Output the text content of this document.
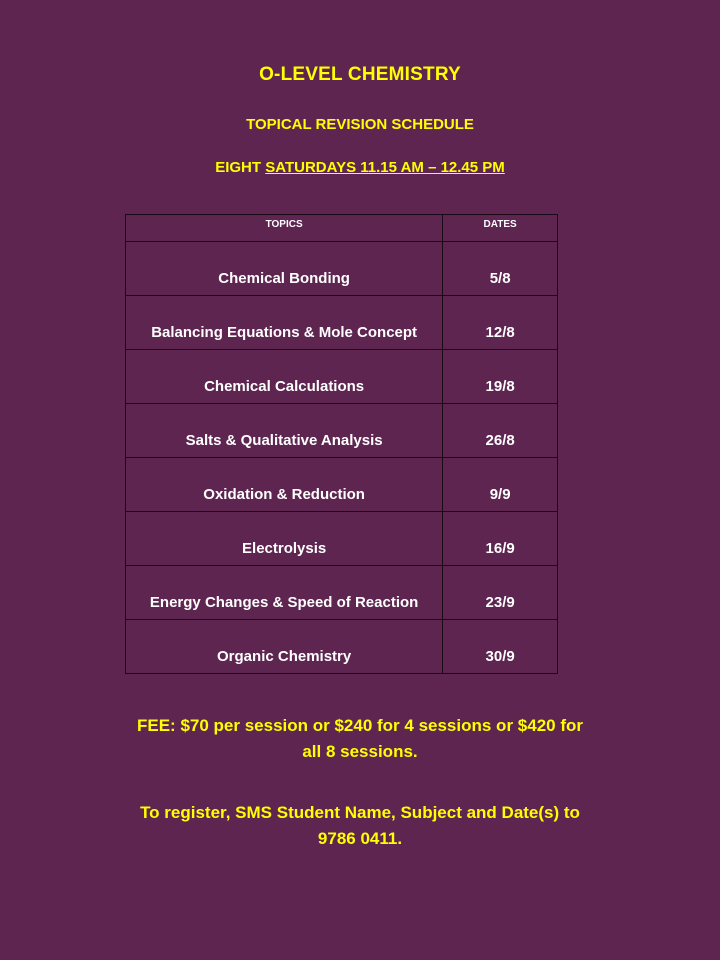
O-LEVEL CHEMISTRY
TOPICAL REVISION SCHEDULE
EIGHT SATURDAYS 11.15 AM – 12.45 PM
TOPICS	DATES
Chemical Bonding	5/8
Balancing Equations & Mole Concept	12/8
Chemical Calculations	19/8
Salts & Qualitative Analysis	26/8
Oxidation & Reduction	9/9
Electrolysis	16/9
Energy Changes & Speed of Reaction	23/9
Organic Chemistry	30/9
FEE: $70 per session or $240 for 4 sessions or $420 for
all 8 sessions.
To register, SMS Student Name, Subject and Date(s) to
9786 0411.
